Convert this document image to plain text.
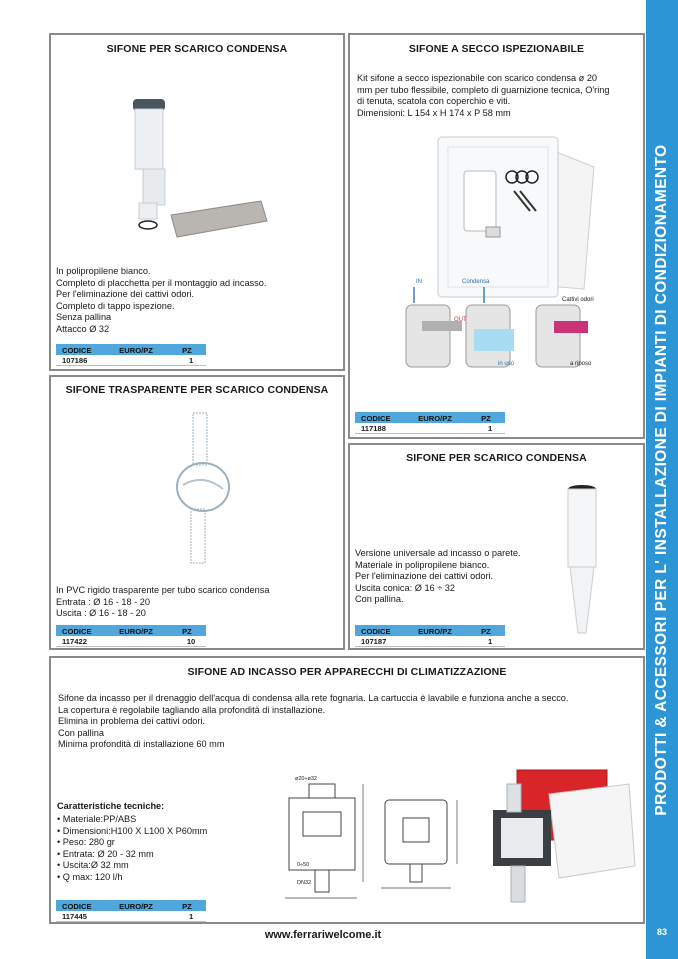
PRODOTTI & ACCESSORI PER L' INSTALLAZIONE DI IMPIANTI DI CONDIZIONAMENTO
83
SIFONE PER SCARICO CONDENSA
In polipropilene bianco.
Completo di placchetta per il montaggio ad incasso.
Per l'eliminazione dei cattivi odori.
Completo di tappo ispezione.
Senza pallina
Attacco Ø 32
CODICE	EURO/PZ	PZ
107186		1
SIFONE A SECCO ISPEZIONABILE
Kit sifone a secco ispezionabile con scarico condensa ø 20
mm per tubo flessibile, completo di guarnizione tecnica, O'ring
di tenuta, scatola con coperchio e viti.
Dimensioni: L 154 x H 174 x P 58 mm
IN	Condensa
OUT
Cattivi odori
in uso	a riposo
CODICE	EURO/PZ	PZ
117188		1
SIFONE TRASPARENTE PER SCARICO CONDENSA
In PVC rigido trasparente per tubo scarico condensa
Entrata : Ø 16 - 18 - 20
Uscita : Ø 16 - 18 - 20
CODICE	EURO/PZ	PZ
117422		10
SIFONE PER SCARICO CONDENSA
Versione universale ad incasso o parete.
Materiale in polipropilene bianco.
Per l'eliminazione dei cattivi odori.
Uscita conica: Ø 16 ÷ 32
Con pallina.
CODICE	EURO/PZ	PZ
107187		1
SIFONE AD INCASSO PER APPARECCHI DI CLIMATIZZAZIONE
Sifone da incasso per il drenaggio dell'acqua di condensa alla rete fognaria. La cartuccia è lavabile e funziona anche a secco.
La copertura è regolabile tagliando alla profondità di installazione.
Elimina in problema dei cattivi odori.
Con pallina
Minima profondità di installazione 60 mm
Caratteristiche tecniche:
• Materiale:PP/ABS
• Dimensioni:H100 X L100 X P60mm
• Peso: 280 gr
• Entrata: Ø 20 - 32 mm
• Uscita:Ø 32 mm
• Q max: 120 l/h
ø20÷ø32
0÷50
DN32
CODICE	EURO/PZ	PZ
117445		1
www.ferrariwelcome.it
